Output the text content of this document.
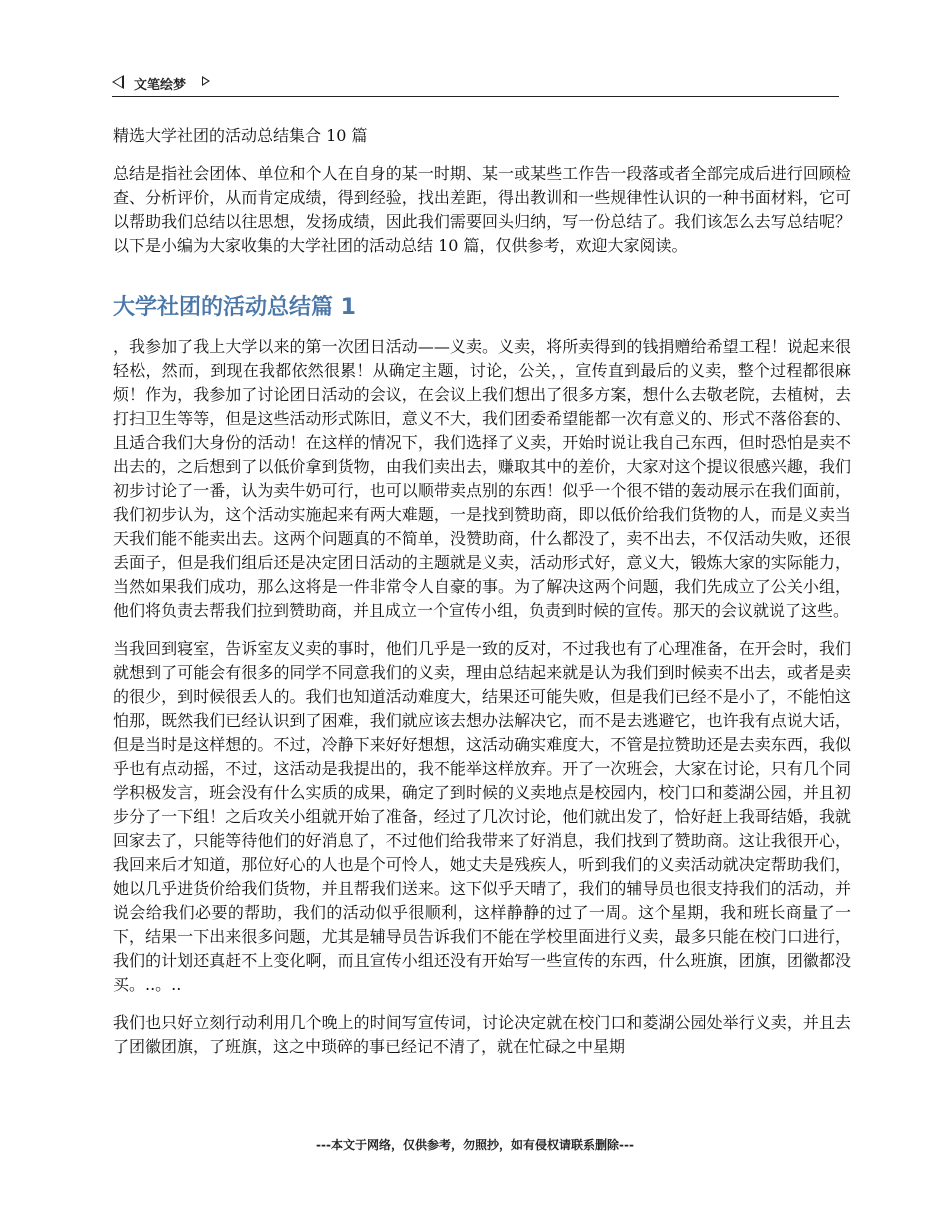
文笔绘梦
精选大学社团的活动总结集合 10 篇

总结是指社会团体、单位和个人在自身的某一时期、某一或某些工作告一段落或者全部完成后进行回顾检查、分析评价，从而肯定成绩，得到经验，找出差距，得出教训和一些规律性认识的一种书面材料，它可以帮助我们总结以往思想，发扬成绩，因此我们需要回头归纳，写一份总结了。我们该怎么去写总结呢？以下是小编为大家收集的大学社团的活动总结 10 篇，仅供参考，欢迎大家阅读。

大学社团的活动总结篇 1

，我参加了我上大学以来的第一次团日活动——义卖。义卖，将所卖得到的钱捐赠给希望工程！说起来很轻松，然而，到现在我都依然很累！从确定主题，讨论，公关，，宣传直到最后的义卖，整个过程都很麻烦！作为，我参加了讨论团日活动的会议，在会议上我们想出了很多方案，想什么去敬老院，去植树，去打扫卫生等等，但是这些活动形式陈旧，意义不大，我们团委希望能都一次有意义的、形式不落俗套的、且适合我们大身份的活动！在这样的情况下，我们选择了义卖，开始时说让我自己东西，但时恐怕是卖不出去的，之后想到了以低价拿到货物，由我们卖出去，赚取其中的差价，大家对这个提议很感兴趣，我们初步讨论了一番，认为卖牛奶可行，也可以顺带卖点别的东西！似乎一个很不错的轰动展示在我们面前，我们初步认为，这个活动实施起来有两大难题，一是找到赞助商，即以低价给我们货物的人，而是义卖当天我们能不能卖出去。这两个问题真的不简单，没赞助商，什么都没了，卖不出去，不仅活动失败，还很丢面子，但是我们组后还是决定团日活动的主题就是义卖，活动形式好，意义大，锻炼大家的实际能力，当然如果我们成功，那么这将是一件非常令人自豪的事。为了解决这两个问题，我们先成立了公关小组，他们将负责去帮我们拉到赞助商，并且成立一个宣传小组，负责到时候的宣传。那天的会议就说了这些。

当我回到寝室，告诉室友义卖的事时，他们几乎是一致的反对，不过我也有了心理准备，在开会时，我们就想到了可能会有很多的同学不同意我们的义卖，理由总结起来就是认为我们到时候卖不出去，或者是卖的很少，到时候很丢人的。我们也知道活动难度大，结果还可能失败，但是我们已经不是小了，不能怕这怕那，既然我们已经认识到了困难，我们就应该去想办法解决它，而不是去逃避它，也许我有点说大话，但是当时是这样想的。不过，冷静下来好好想想，这活动确实难度大，不管是拉赞助还是去卖东西，我似乎也有点动摇，不过，这活动是我提出的，我不能举这样放弃。开了一次班会，大家在讨论，只有几个同学积极发言，班会没有什么实质的成果，确定了到时候的义卖地点是校园内，校门口和菱湖公园，并且初步分了一下组！之后攻关小组就开始了准备，经过了几次讨论，他们就出发了，恰好赶上我哥结婚，我就回家去了，只能等待他们的好消息了，不过他们给我带来了好消息，我们找到了赞助商。这让我很开心，我回来后才知道，那位好心的人也是个可怜人，她丈夫是残疾人，听到我们的义卖活动就决定帮助我们，她以几乎进货价给我们货物，并且帮我们送来。这下似乎天晴了，我们的辅导员也很支持我们的活动，并说会给我们必要的帮助，我们的活动似乎很顺利，这样静静的过了一周。这个星期，我和班长商量了一下，结果一下出来很多问题，尤其是辅导员告诉我们不能在学校里面进行义卖，最多只能在校门口进行，我们的计划还真赶不上变化啊，而且宣传小组还没有开始写一些宣传的东西，什么班旗，团旗，团徽都没买。..。..

我们也只好立刻行动利用几个晚上的时间写宣传词，讨论决定就在校门口和菱湖公园处举行义卖，并且去了团徽团旗，了班旗，这之中琐碎的事已经记不清了，就在忙碌之中星期

---本文于网络，仅供参考，勿照抄，如有侵权请联系删除---
